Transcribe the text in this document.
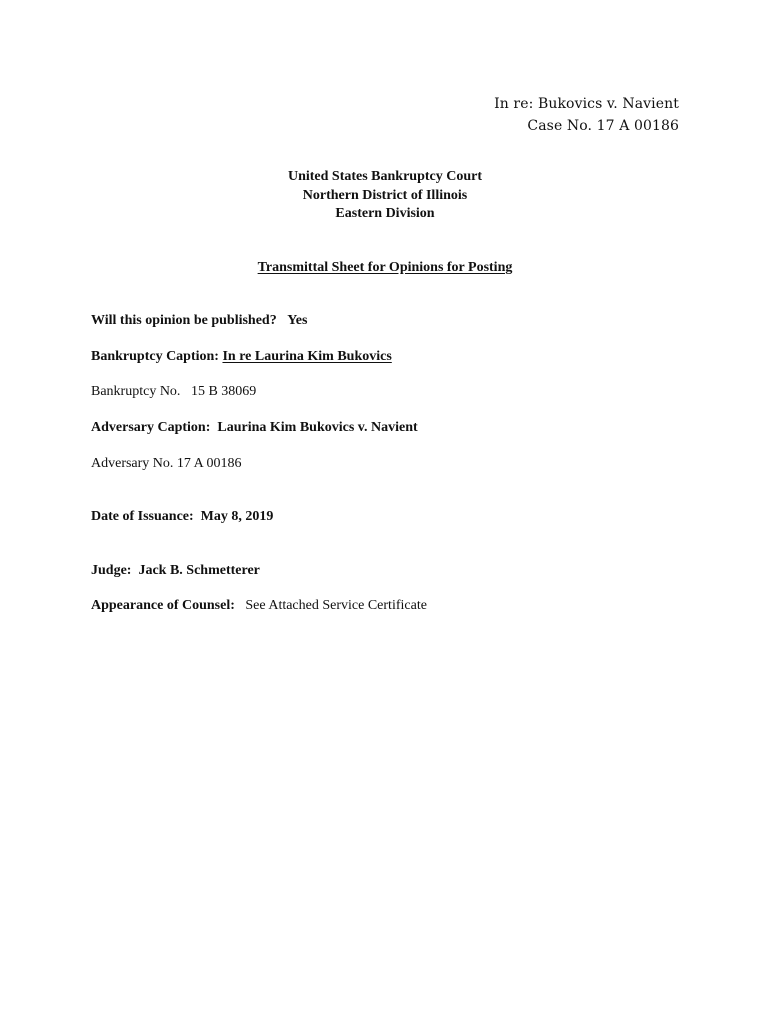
In re: Bukovics v. Navient
Case No. 17 A 00186
United States Bankruptcy Court
Northern District of Illinois
Eastern Division
Transmittal Sheet for Opinions for Posting
Will this opinion be published? Yes
Bankruptcy Caption: In re Laurina Kim Bukovics
Bankruptcy No. 15 B 38069
Adversary Caption: Laurina Kim Bukovics v. Navient
Adversary No. 17 A 00186
Date of Issuance: May 8, 2019
Judge: Jack B. Schmetterer
Appearance of Counsel: See Attached Service Certificate
